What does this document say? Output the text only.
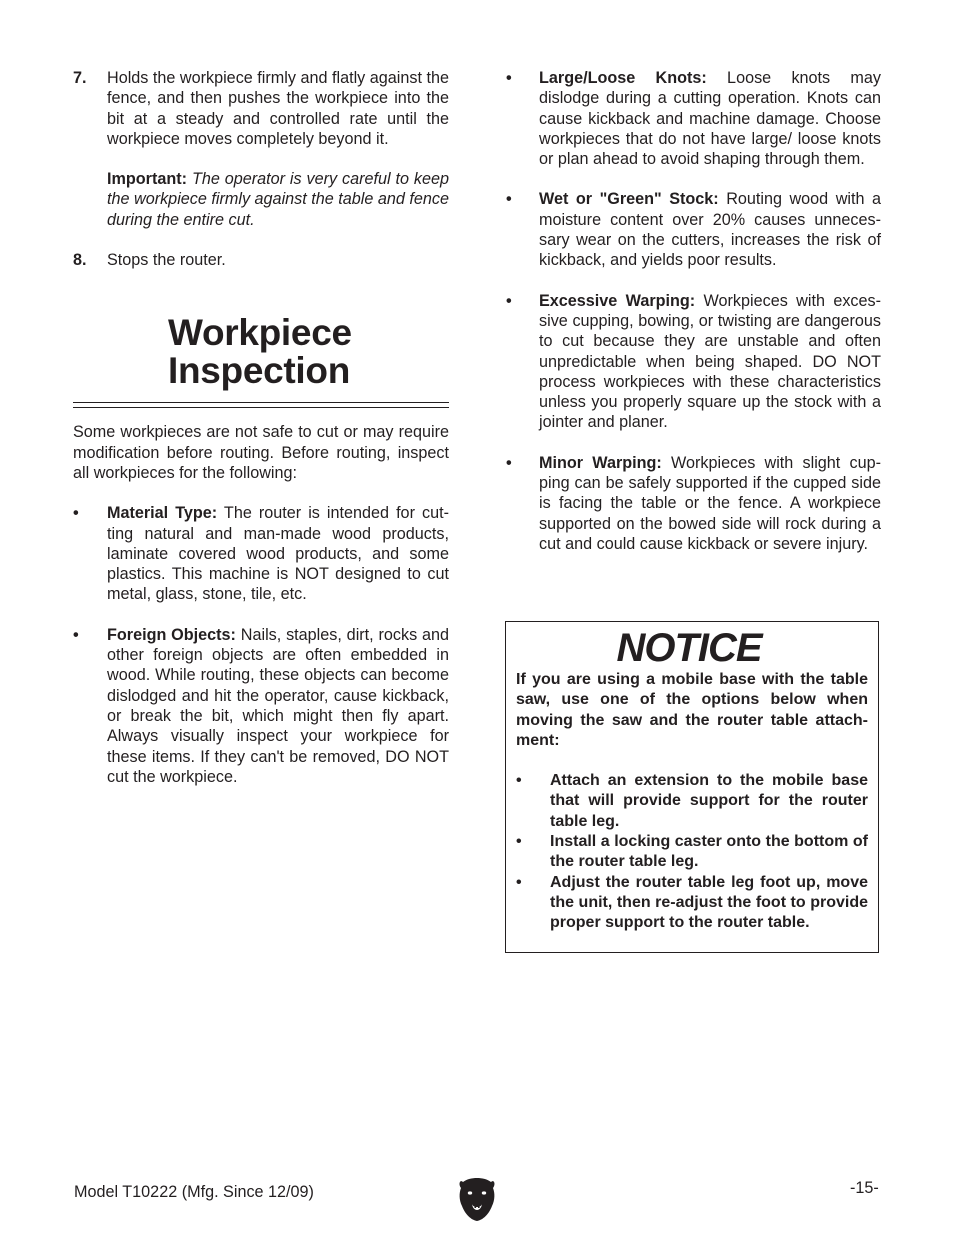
7. Holds the workpiece firmly and flatly against the fence, and then pushes the workpiece into the bit at a steady and controlled rate until the workpiece moves completely beyond it.

Important: The operator is very careful to keep the workpiece firmly against the table and fence during the entire cut.

8. Stops the router.

Workpiece
Inspection

Some workpieces are not safe to cut or may require modification before routing. Before routing, inspect all workpieces for the following:

• Material Type: The router is intended for cutting natural and man-made wood products, laminate covered wood products, and some plastics. This machine is NOT designed to cut metal, glass, stone, tile, etc.

• Foreign Objects: Nails, staples, dirt, rocks and other foreign objects are often embedded in wood. While routing, these objects can become dislodged and hit the operator, cause kickback, or break the bit, which might then fly apart. Always visually inspect your workpiece for these items. If they can't be removed, DO NOT cut the workpiece.

• Large/Loose Knots: Loose knots may dislodge during a cutting operation. Knots can cause kickback and machine damage. Choose workpieces that do not have large/ loose knots or plan ahead to avoid shaping through them.

• Wet or "Green" Stock: Routing wood with a moisture content over 20% causes unnecessary wear on the cutters, increases the risk of kickback, and yields poor results.

• Excessive Warping: Workpieces with excessive cupping, bowing, or twisting are dangerous to cut because they are unstable and often unpredictable when being shaped. DO NOT process workpieces with these characteristics unless you properly square up the stock with a jointer and planer.

• Minor Warping: Workpieces with slight cupping can be safely supported if the cupped side is facing the table or the fence. A workpiece supported on the bowed side will rock during a cut and could cause kickback or severe injury.

NOTICE

If you are using a mobile base with the table saw, use one of the options below when moving the saw and the router table attachment:

• Attach an extension to the mobile base that will provide support for the router table leg.
• Install a locking caster onto the bottom of the router table leg.
• Adjust the router table leg foot up, move the unit, then re-adjust the foot to provide proper support to the router table.
Model T10222 (Mfg. Since 12/09)	-15-
